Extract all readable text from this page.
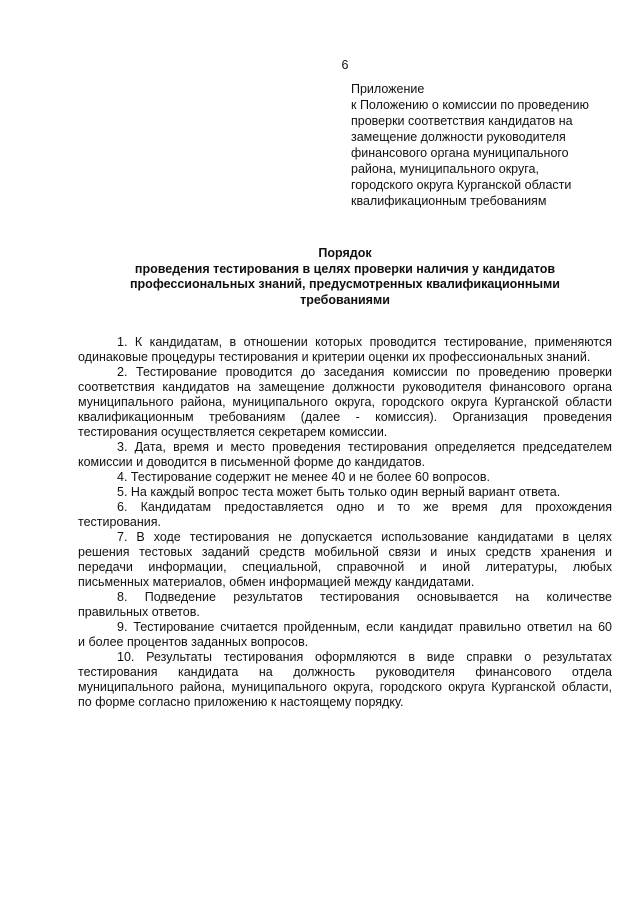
6
Приложение
к Положению о комиссии по проведению
проверки соответствия кандидатов на
замещение должности руководителя
финансового органа муниципального
района, муниципального округа,
городского округа Курганской области
квалификационным требованиям
Порядок
проведения тестирования в целях проверки наличия у кандидатов
профессиональных знаний, предусмотренных квалификационными
требованиями
1. К кандидатам, в отношении которых проводится тестирование, применяются
одинаковые процедуры тестирования и критерии оценки их профессиональных знаний.
2. Тестирование проводится до заседания комиссии по проведению проверки
соответствия кандидатов на замещение должности руководителя финансового органа
муниципального района, муниципального округа, городского округа Курганской области
квалификационным требованиям (далее - комиссия). Организация проведения
тестирования осуществляется секретарем комиссии.
3. Дата, время и место проведения тестирования определяется председателем
комиссии и доводится в письменной форме до кандидатов.
4. Тестирование содержит не менее 40 и не более 60 вопросов.
5. На каждый вопрос теста может быть только один верный вариант ответа.
6. Кандидатам предоставляется одно и то же время для прохождения
тестирования.
7. В ходе тестирования не допускается использование кандидатами в целях
решения тестовых заданий средств мобильной связи и иных средств хранения и
передачи информации, специальной, справочной и иной литературы, любых
письменных материалов, обмен информацией между кандидатами.
8. Подведение результатов тестирования основывается на количестве
правильных ответов.
9. Тестирование считается пройденным, если кандидат правильно ответил на 60
и более процентов заданных вопросов.
10. Результаты тестирования оформляются в виде справки о результатах
тестирования кандидата на должность руководителя финансового отдела
муниципального района, муниципального округа, городского округа Курганской области,
по форме согласно приложению к настоящему порядку.
